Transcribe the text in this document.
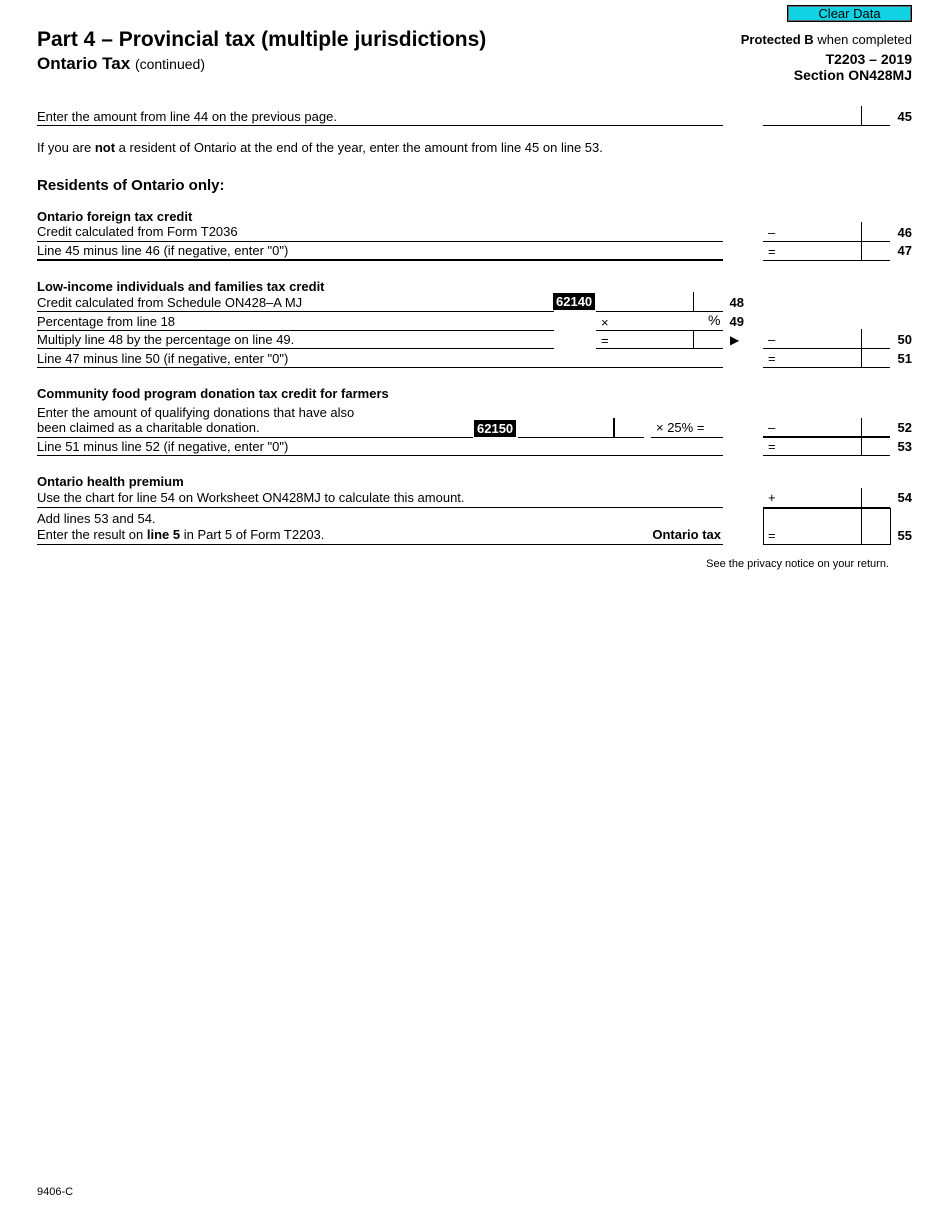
Clear Data
Part 4 – Provincial tax (multiple jurisdictions)
Ontario Tax (continued)
Protected B when completed
T2203 – 2019
Section ON428MJ
Enter the amount from line 44 on the previous page.	45
If you are not a resident of Ontario at the end of the year, enter the amount from line 45 on line 53.
Residents of Ontario only:
Ontario foreign tax credit
Credit calculated from Form T2036	–	46
Line 45 minus line 46 (if negative, enter "0")	=	47
Low-income individuals and families tax credit
Credit calculated from Schedule ON428–A MJ	62140	48
Percentage from line 18	×	% 49
Multiply line 48 by the percentage on line 49.	=	▶ –	50
Line 47 minus line 50 (if negative, enter "0")	=	51
Community food program donation tax credit for farmers
Enter the amount of qualifying donations that have also
been claimed as a charitable donation.	62150	× 25% =	–	52
Line 51 minus line 52 (if negative, enter "0")	=	53
Ontario health premium
Use the chart for line 54 on Worksheet ON428MJ to calculate this amount.	+	54
Add lines 53 and 54.
Enter the result on line 5 in Part 5 of Form T2203.	Ontario tax	=	55
See the privacy notice on your return.
9406-C
